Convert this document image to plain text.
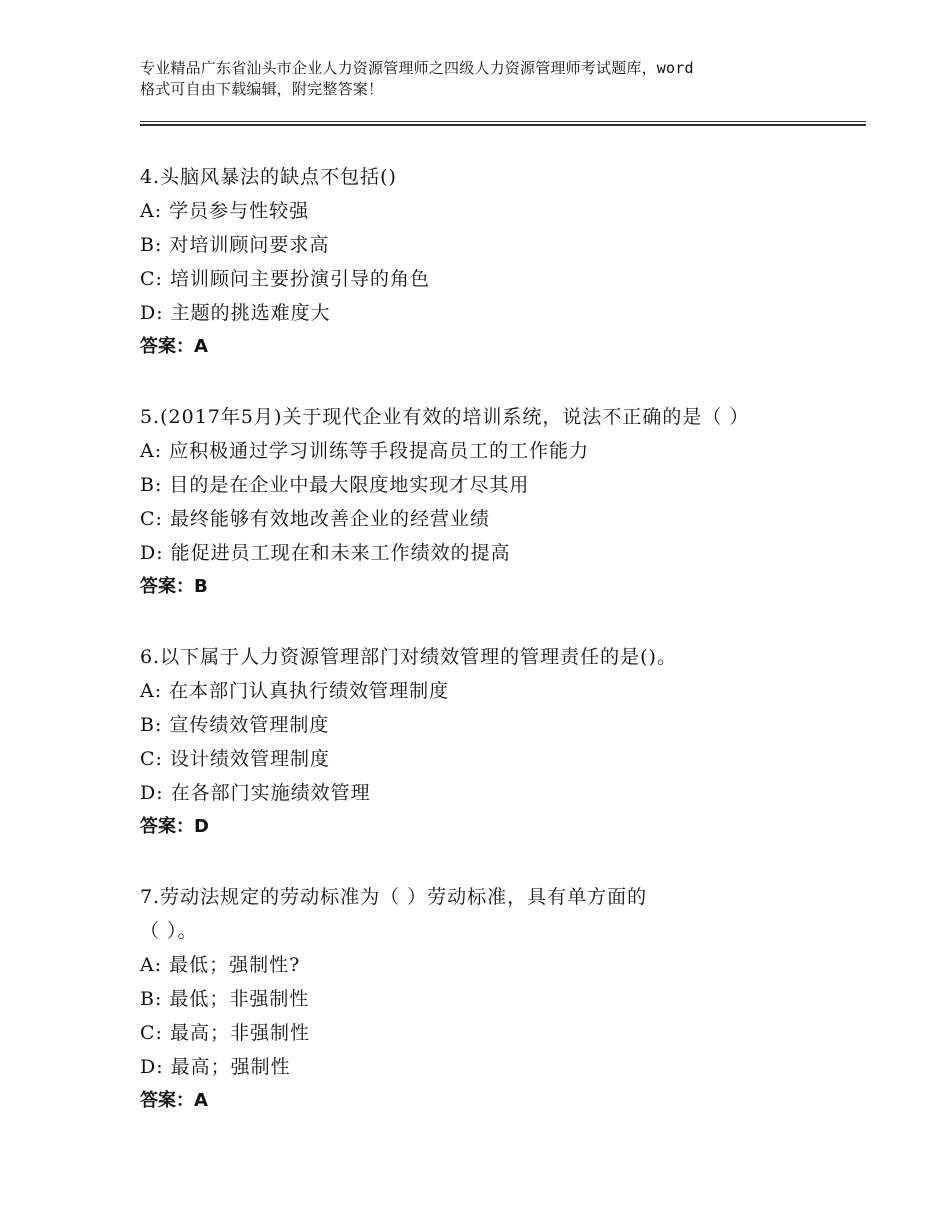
专业精品广东省汕头市企业人力资源管理师之四级人力资源管理师考试题库，word
格式可自由下载编辑，附完整答案！
4.头脑风暴法的缺点不包括()
A: 学员参与性较强
B: 对培训顾问要求高
C: 培训顾问主要扮演引导的角色
D: 主题的挑选难度大
答案：A
5.(2017年5月)关于现代企业有效的培训系统，说法不正确的是（ ）
A: 应积极通过学习训练等手段提高员工的工作能力
B: 目的是在企业中最大限度地实现才尽其用
C: 最终能够有效地改善企业的经营业绩
D: 能促进员工现在和未来工作绩效的提高
答案：B
6.以下属于人力资源管理部门对绩效管理的管理责任的是()。
A: 在本部门认真执行绩效管理制度
B: 宣传绩效管理制度
C: 设计绩效管理制度
D: 在各部门实施绩效管理
答案：D
7.劳动法规定的劳动标准为（ ）劳动标准，具有单方面的
（ ）。
A: 最低；强制性?
B: 最低；非强制性
C: 最高；非强制性
D: 最高；强制性
答案：A
